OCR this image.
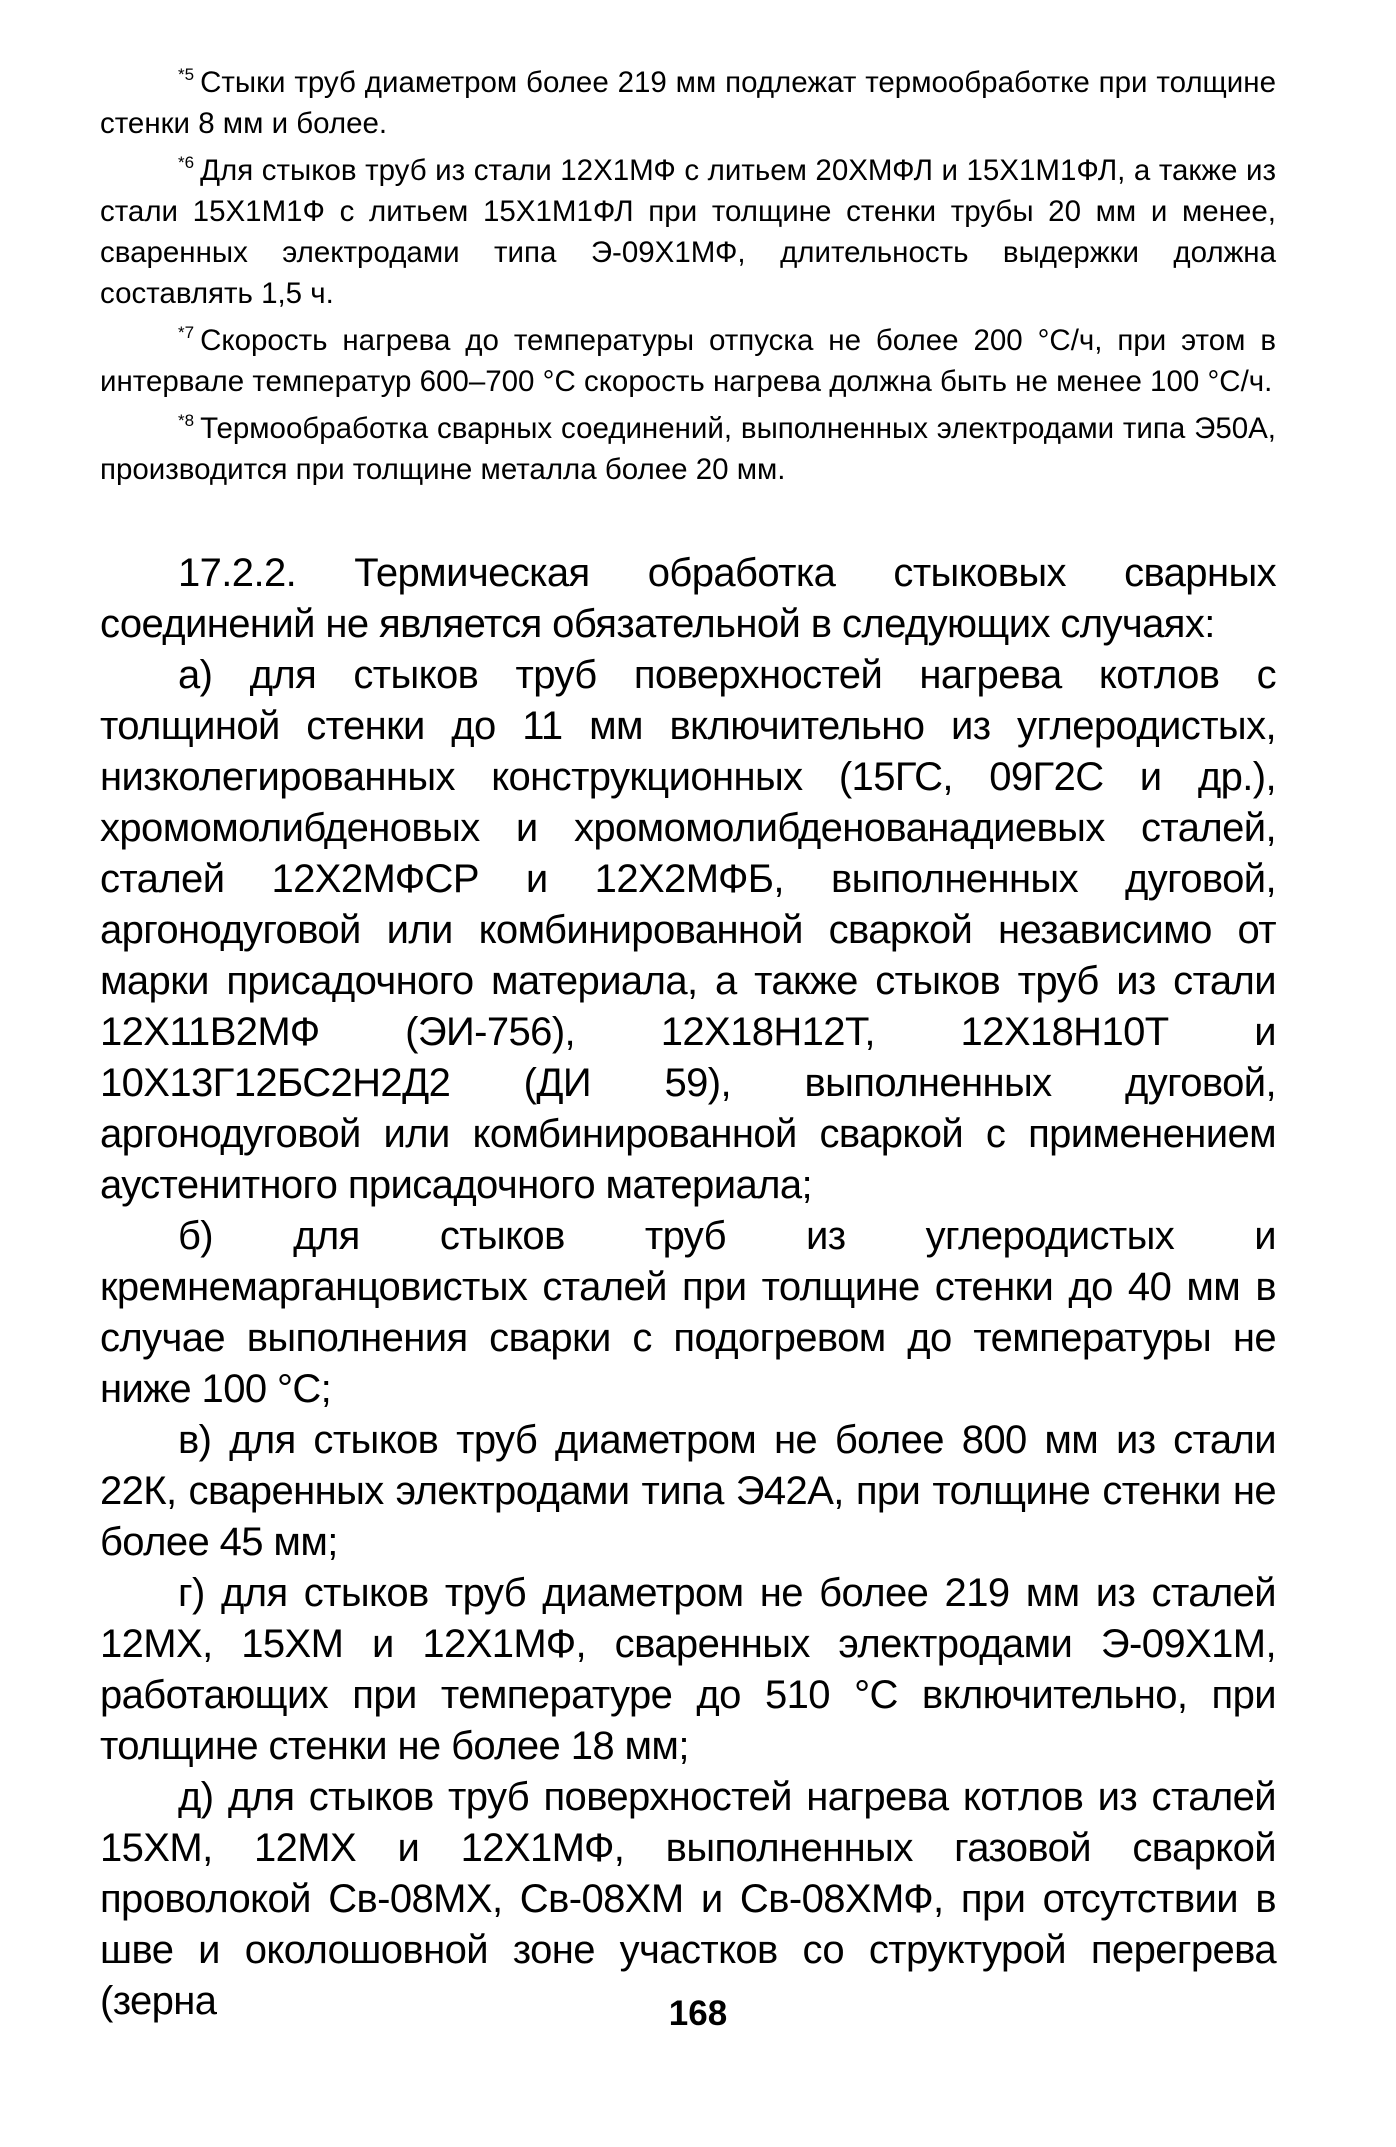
$^{*5}$ Стыки труб диаметром более 219 мм подлежат термообработке при толщине стенки 8 мм и более.

$^{*6}$ Для стыков труб из стали 12Х1МФ с литьем 20ХМФЛ и 15Х1М1ФЛ, а также из стали 15Х1М1Ф с литьем 15Х1М1ФЛ при толщине стенки трубы 20 мм и менее, сваренных электродами типа Э-09Х1МФ, длительность выдержки должна составлять 1,5 ч.

$^{*7}$ Скорость нагрева до температуры отпуска не более 200 °С/ч, при этом в интервале температур 600–700 °С скорость нагрева должна быть не менее 100 °С/ч.

$^{*8}$ Термообработка сварных соединений, выполненных электродами типа Э50А, производится при толщине металла более 20 мм.

17.2.2. Термическая обработка стыковых сварных соединений не является обязательной в следующих случаях:

а) для стыков труб поверхностей нагрева котлов с толщиной стенки до 11 мм включительно из углеродистых, низколегированных конструкционных (15ГС, 09Г2С и др.), хромомолибденовых и хромомолибденованадиевых сталей, сталей 12Х2МФСР и 12Х2МФБ, выполненных дуговой, аргонодуговой или комбинированной сваркой независимо от марки присадочного материала, а также стыков труб из стали 12Х11В2МФ (ЭИ-756), 12Х18Н12Т, 12Х18Н10Т и 10Х13Г12БС2Н2Д2 (ДИ 59), выполненных дуговой, аргонодуговой или комбинированной сваркой с применением аустенитного присадочного материала;

б) для стыков труб из углеродистых и кремнемарганцовистых сталей при толщине стенки до 40 мм в случае выполнения сварки с подогревом до температуры не ниже 100 °С;

в) для стыков труб диаметром не более 800 мм из стали 22К, сваренных электродами типа Э42А, при толщине стенки не более 45 мм;

г) для стыков труб диаметром не более 219 мм из сталей 12МХ, 15ХМ и 12Х1МФ, сваренных электродами Э-09Х1М, работающих при температуре до 510 °С включительно, при толщине стенки не более 18 мм;

д) для стыков труб поверхностей нагрева котлов из сталей 15ХМ, 12МХ и 12Х1МФ, выполненных газовой сваркой проволокой Св-08МХ, Св-08ХМ и Св-08ХМФ, при отсутствии в шве и околошовной зоне участков со структурой перегрева (зерна	168
